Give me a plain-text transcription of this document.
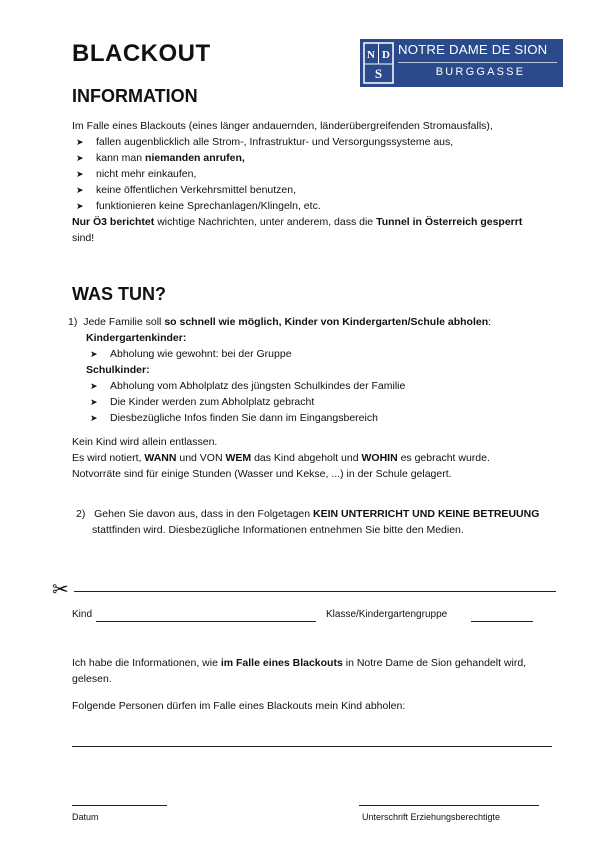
BLACKOUT
INFORMATION
N D
S
NOTRE DAME DE SION
BURGGASSE
Im Falle eines Blackouts (eines länger andauernden, länderübergreifenden Stromausfalls),
➤ fallen augenblicklich alle Strom-, Infrastruktur- und Versorgungssysteme aus,
➤ kann man niemanden anrufen,
➤ nicht mehr einkaufen,
➤ keine öffentlichen Verkehrsmittel benutzen,
➤ funktionieren keine Sprechanlagen/Klingeln, etc.
Nur Ö3 berichtet wichtige Nachrichten, unter anderem, dass die Tunnel in Österreich gesperrt
sind!
WAS TUN?
1) Jede Familie soll so schnell wie möglich, Kinder von Kindergarten/Schule abholen:
Kindergartenkinder:
➤ Abholung wie gewohnt: bei der Gruppe
Schulkinder:
➤ Abholung vom Abholplatz des jüngsten Schulkindes der Familie
➤ Die Kinder werden zum Abholplatz gebracht
➤ Diesbezügliche Infos finden Sie dann im Eingangsbereich
Kein Kind wird allein entlassen.
Es wird notiert, WANN und VON WEM das Kind abgeholt und WOHIN es gebracht wurde.
Notvorräte sind für einige Stunden (Wasser und Kekse, ...) in der Schule gelagert.
2) Gehen Sie davon aus, dass in den Folgetagen KEIN UNTERRICHT UND KEINE BETREUUNG
stattfinden wird. Diesbezügliche Informationen entnehmen Sie bitte den Medien.
✂
Kind	Klasse/Kindergartengruppe
Ich habe die Informationen, wie im Falle eines Blackouts in Notre Dame de Sion gehandelt wird,
gelesen.
Folgende Personen dürfen im Falle eines Blackouts mein Kind abholen:
Datum	Unterschrift Erziehungsberechtigte
